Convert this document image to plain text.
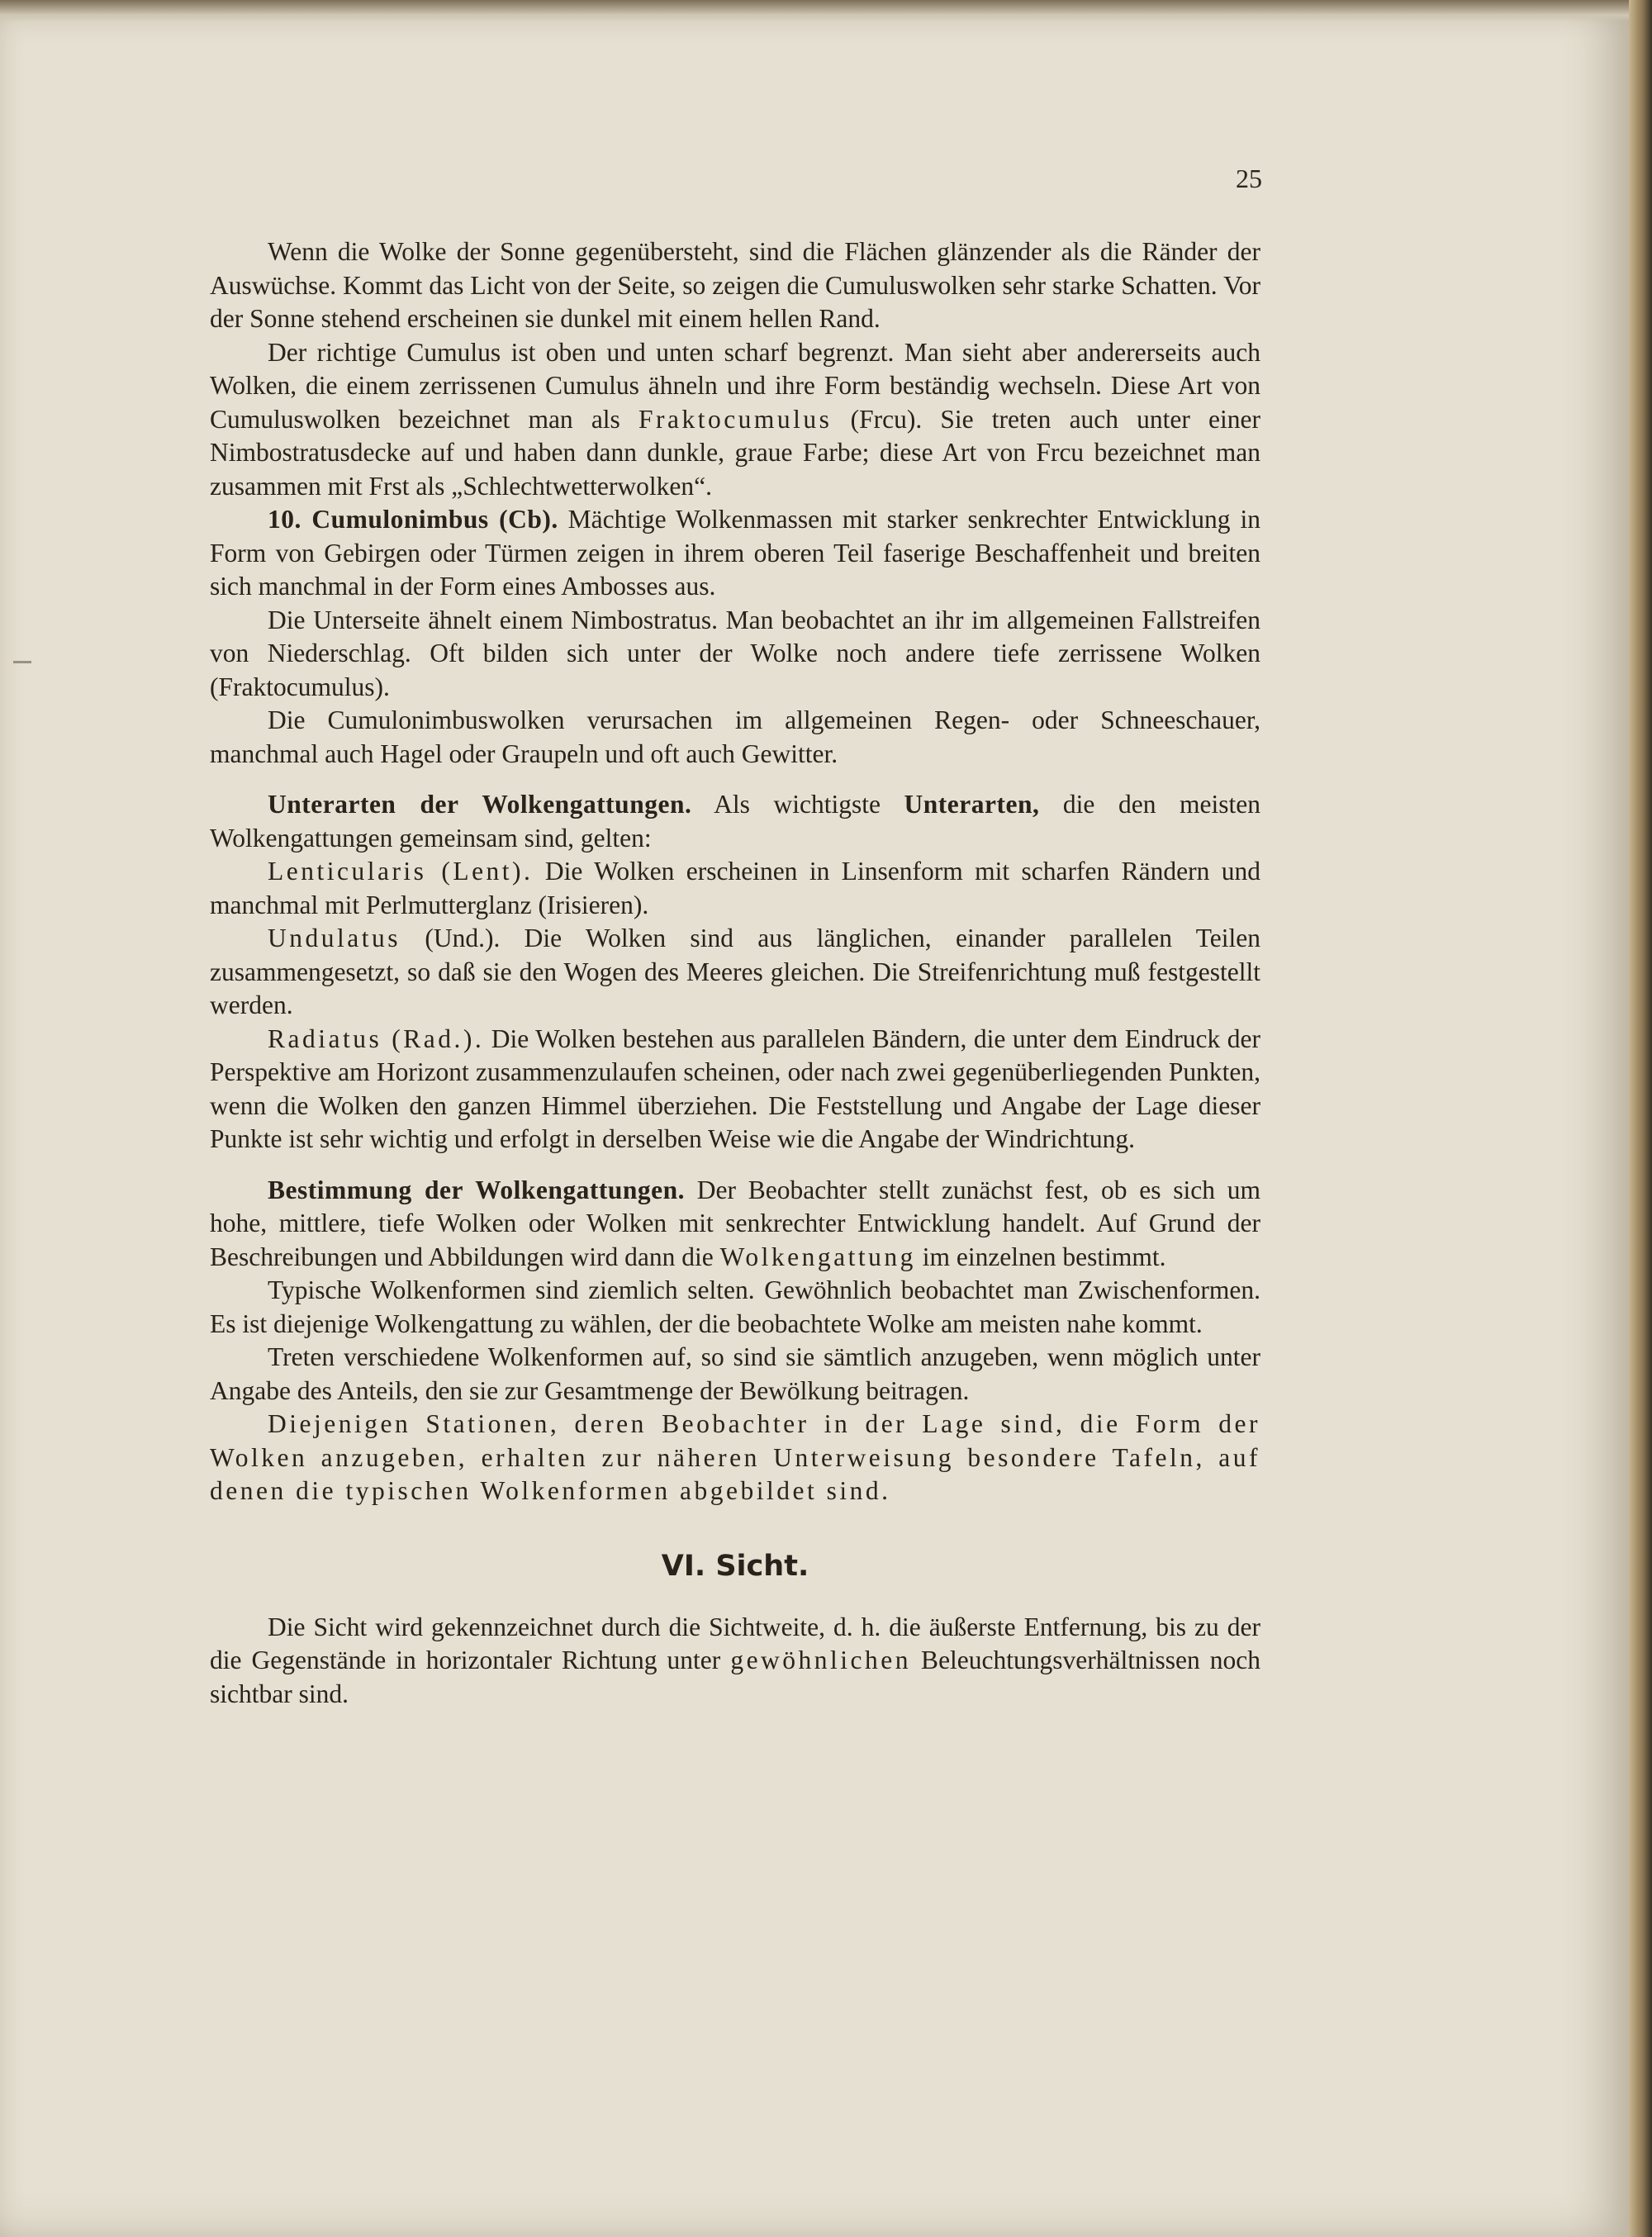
25

Wenn die Wolke der Sonne gegenübersteht, sind die Flächen glänzender als die Ränder der Auswüchse. Kommt das Licht von der Seite, so zeigen die Cumuluswolken sehr starke Schatten. Vor der Sonne stehend erscheinen sie dunkel mit einem hellen Rand.

Der richtige Cumulus ist oben und unten scharf begrenzt. Man sieht aber andererseits auch Wolken, die einem zerrissenen Cumulus ähneln und ihre Form beständig wechseln. Diese Art von Cumuluswolken bezeichnet man als Fraktocumulus (Frcu). Sie treten auch unter einer Nimbostratusdecke auf und haben dann dunkle, graue Farbe; diese Art von Frcu bezeichnet man zusammen mit Frst als „Schlechtwetterwolken“.

10. Cumulonimbus (Cb). Mächtige Wolkenmassen mit starker senkrechter Entwicklung in Form von Gebirgen oder Türmen zeigen in ihrem oberen Teil faserige Beschaffenheit und breiten sich manchmal in der Form eines Ambosses aus.

Die Unterseite ähnelt einem Nimbostratus. Man beobachtet an ihr im allgemeinen Fallstreifen von Niederschlag. Oft bilden sich unter der Wolke noch andere tiefe zerrissene Wolken (Fraktocumulus).

Die Cumulonimbuswolken verursachen im allgemeinen Regen- oder Schneeschauer, manchmal auch Hagel oder Graupeln und oft auch Gewitter.

Unterarten der Wolkengattungen. Als wichtigste Unterarten, die den meisten Wolkengattungen gemeinsam sind, gelten:

Lenticularis (Lent). Die Wolken erscheinen in Linsenform mit scharfen Rändern und manchmal mit Perlmutterglanz (Irisieren).

Undulatus (Und.). Die Wolken sind aus länglichen, einander parallelen Teilen zusammengesetzt, so daß sie den Wogen des Meeres gleichen. Die Streifenrichtung muß festgestellt werden.

Radiatus (Rad.). Die Wolken bestehen aus parallelen Bändern, die unter dem Eindruck der Perspektive am Horizont zusammenzulaufen scheinen, oder nach zwei gegenüberliegenden Punkten, wenn die Wolken den ganzen Himmel überziehen. Die Feststellung und Angabe der Lage dieser Punkte ist sehr wichtig und erfolgt in derselben Weise wie die Angabe der Windrichtung.

Bestimmung der Wolkengattungen. Der Beobachter stellt zunächst fest, ob es sich um hohe, mittlere, tiefe Wolken oder Wolken mit senkrechter Entwicklung handelt. Auf Grund der Beschreibungen und Abbildungen wird dann die Wolkengattung im einzelnen bestimmt.

Typische Wolkenformen sind ziemlich selten. Gewöhnlich beobachtet man Zwischenformen. Es ist diejenige Wolkengattung zu wählen, der die beobachtete Wolke am meisten nahe kommt.

Treten verschiedene Wolkenformen auf, so sind sie sämtlich anzugeben, wenn möglich unter Angabe des Anteils, den sie zur Gesamtmenge der Bewölkung beitragen.

Diejenigen Stationen, deren Beobachter in der Lage sind, die Form der Wolken anzugeben, erhalten zur näheren Unterweisung besondere Tafeln, auf denen die typischen Wolkenformen abgebildet sind.

VI. Sicht.

Die Sicht wird gekennzeichnet durch die Sichtweite, d. h. die äußerste Entfernung, bis zu der die Gegenstände in horizontaler Richtung unter gewöhnlichen Beleuchtungsverhältnissen noch sichtbar sind.
